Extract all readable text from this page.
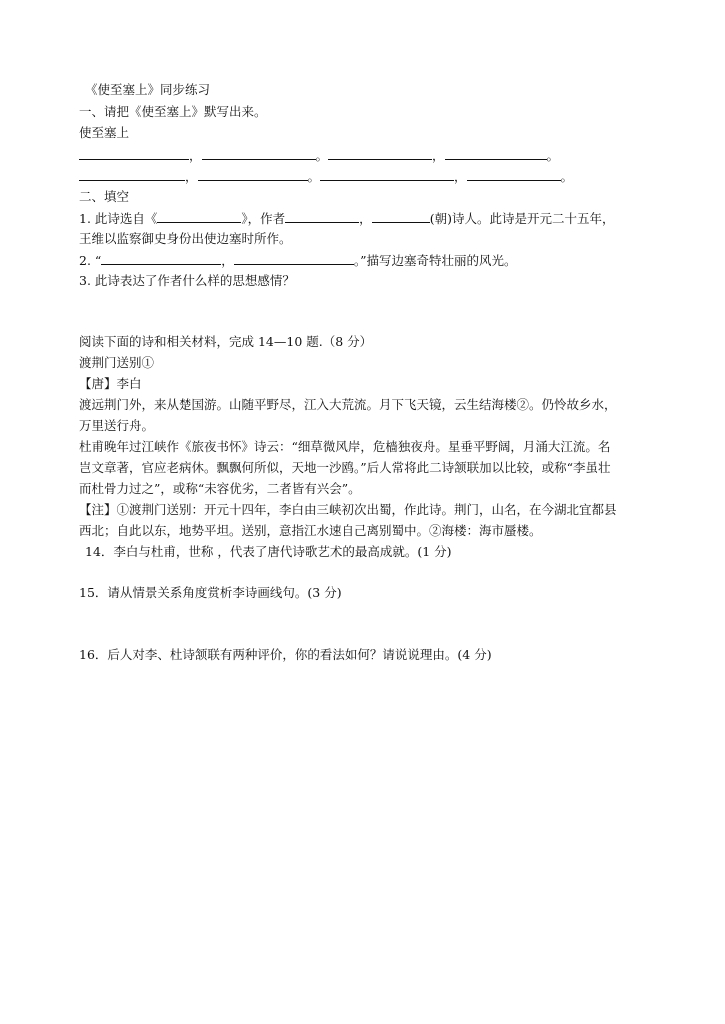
《使至塞上》同步练习
一、请把《使至塞上》默写出来。
使至塞上
，	。	，	。
，	。	，	。
二、填空
1. 此诗选自《	》，作者	，	(朝)诗人。此诗是开元二十五年，
王维以监察御史身份出使边塞时所作。
2. “	，	。”描写边塞奇特壮丽的风光。
3. 此诗表达了作者什么样的思想感情？
阅读下面的诗和相关材料，完成 14—10 题.（8 分）
渡荆门送别①
【唐】李白
渡远荆门外，来从楚国游。山随平野尽，江入大荒流。月下飞天镜，云生结海楼②。仍怜故乡水，
万里送行舟。
杜甫晚年过江峡作《旅夜书怀》诗云：“细草微风岸，危樯独夜舟。星垂平野阔，月涌大江流。名
岂文章著，官应老病休。飘飘何所似，天地一沙鸥。”后人常将此二诗颔联加以比较，或称“李虽壮
而杜骨力过之”，或称“未容优劣，二者皆有兴会”。
【注】①渡荆门送别：开元十四年，李白由三峡初次出蜀，作此诗。荆门，山名，在今湖北宜都县
西北；自此以东，地势平坦。送别，意指江水速自己离别蜀中。②海楼：海市蜃楼。
14．李白与杜甫，世称 ，代表了唐代诗歌艺术的最高成就。(1 分)
15．请从情景关系角度赏析李诗画线句。(3 分)
16．后人对李、杜诗颔联有两种评价，你的看法如何？请说说理由。(4 分)
